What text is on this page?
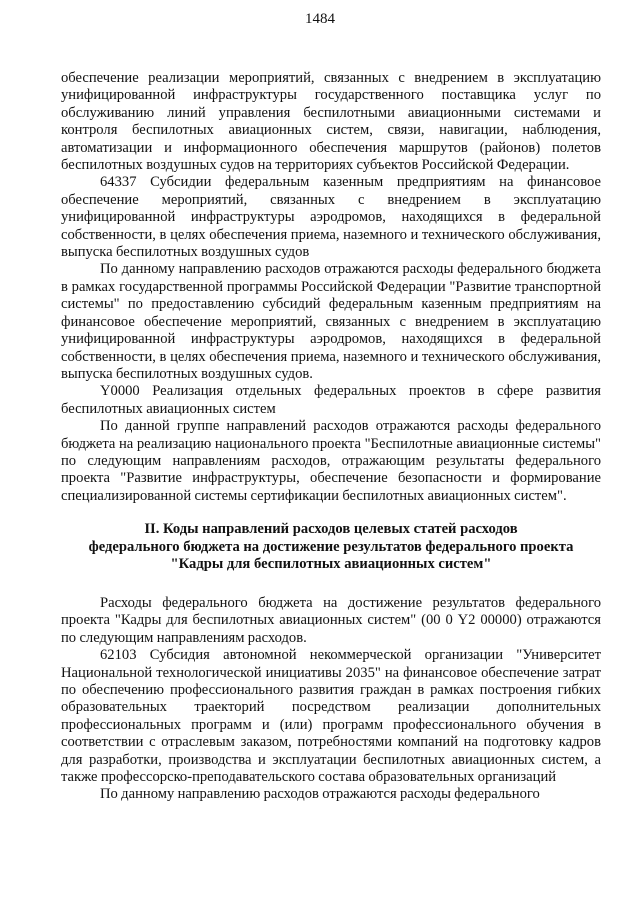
1484

обеспечение реализации мероприятий, связанных с внедрением в эксплуатацию унифицированной инфраструктуры государственного поставщика услуг по обслуживанию линий управления беспилотными авиационными системами и контроля беспилотных авиационных систем, связи, навигации, наблюдения, автоматизации и информационного обеспечения маршрутов (районов) полетов беспилотных воздушных судов на территориях субъектов Российской Федерации.

64337 Субсидии федеральным казенным предприятиям на финансовое обеспечение мероприятий, связанных с внедрением в эксплуатацию унифицированной инфраструктуры аэродромов, находящихся в федеральной собственности, в целях обеспечения приема, наземного и технического обслуживания, выпуска беспилотных воздушных судов

По данному направлению расходов отражаются расходы федерального бюджета в рамках государственной программы Российской Федерации "Развитие транспортной системы" по предоставлению субсидий федеральным казенным предприятиям на финансовое обеспечение мероприятий, связанных с внедрением в эксплуатацию унифицированной инфраструктуры аэродромов, находящихся в федеральной собственности, в целях обеспечения приема, наземного и технического обслуживания, выпуска беспилотных воздушных судов.

Y0000 Реализация отдельных федеральных проектов в сфере развития беспилотных авиационных систем

По данной группе направлений расходов отражаются расходы федерального бюджета на реализацию национального проекта "Беспилотные авиационные системы" по следующим направлениям расходов, отражающим результаты федерального проекта "Развитие инфраструктуры, обеспечение безопасности и формирование специализированной системы сертификации беспилотных авиационных систем".

II. Коды направлений расходов целевых статей расходов
федерального бюджета на достижение результатов федерального проекта
"Кадры для беспилотных авиационных систем"

Расходы федерального бюджета на достижение результатов федерального проекта "Кадры для беспилотных авиационных систем" (00 0 Y2 00000) отражаются по следующим направлениям расходов.

62103 Субсидия автономной некоммерческой организации "Университет Национальной технологической инициативы 2035" на финансовое обеспечение затрат по обеспечению профессионального развития граждан в рамках построения гибких образовательных траекторий посредством реализации дополнительных профессиональных программ и (или) программ профессионального обучения в соответствии с отраслевым заказом, потребностями компаний на подготовку кадров для разработки, производства и эксплуатации беспилотных авиационных систем, а также профессорско-преподавательского состава образовательных организаций

По данному направлению расходов отражаются расходы федерального
